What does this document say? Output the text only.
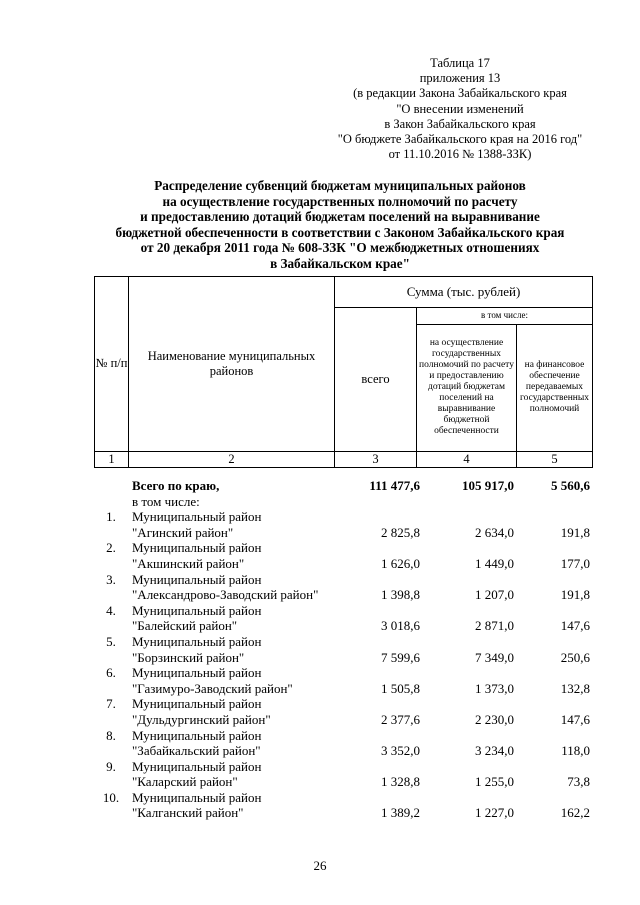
Таблица 17
приложения 13
(в редакции Закона Забайкальского края
"О внесении изменений
в Закон Забайкальского края
"О бюджете Забайкальского края на 2016 год"
от 11.10.2016 № 1388-ЗЗК)
Распределение субвенций бюджетам муниципальных районов
на осуществление государственных полномочий по расчету
и предоставлению дотаций бюджетам поселений на выравнивание
бюджетной обеспеченности в соответствии с Законом Забайкальского края
от 20 декабря 2011 года № 608-ЗЗК "О межбюджетных отношениях
в Забайкальском крае"

№ п/п	Наименование муниципальных районов	Сумма (тыс. рублей)		
		всего	в том числе:	
			на осуществление государственных полномочий по расчету и предоставлению дотаций бюджетам поселений на выравнивание бюджетной обеспеченности	на финансовое обеспечение передаваемых государственных полномочий
1	2	3	4	5
Всего по краю,	111 477,6	105 917,0	5 560,6
в том числе:
1.	Муниципальный район
"Агинский район"	2 825,8	2 634,0	191,8
2.	Муниципальный район
"Акшинский район"	1 626,0	1 449,0	177,0
3.	Муниципальный район
"Александрово-Заводский район"	1 398,8	1 207,0	191,8
4.	Муниципальный район
"Балейский район"	3 018,6	2 871,0	147,6
5.	Муниципальный район
"Борзинский район"	7 599,6	7 349,0	250,6
6.	Муниципальный район
"Газимуро-Заводский район"	1 505,8	1 373,0	132,8
7.	Муниципальный район
"Дульдургинский район"	2 377,6	2 230,0	147,6
8.	Муниципальный район
"Забайкальский район"	3 352,0	3 234,0	118,0
9.	Муниципальный район
"Каларский район"	1 328,8	1 255,0	73,8
10. Муниципальный район
"Калганский район"	1 389,2	1 227,0	162,2
26
